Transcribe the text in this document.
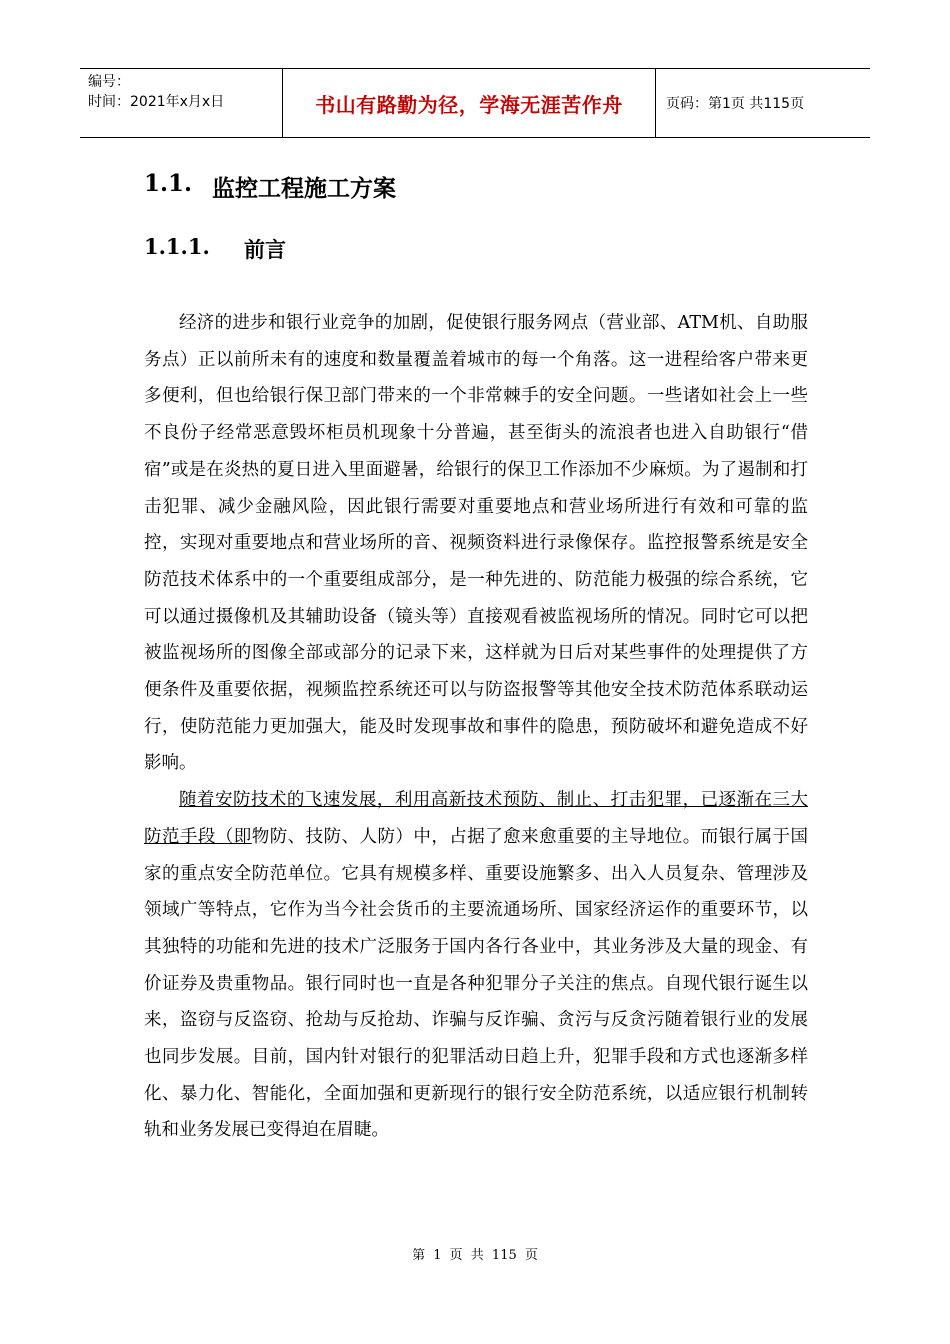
编号：
时间：2021年x月x日	书山有路勤为径，学海无涯苦作舟	页码：第1页 共115页
1.1. 监控工程施工方案
1.1.1.	前言

经济的进步和银行业竞争的加剧，促使银行服务网点（营业部、ATM机、自助服务点）正以前所未有的速度和数量覆盖着城市的每一个角落。这一进程给客户带来更多便利，但也给银行保卫部门带来的一个非常棘手的安全问题。一些诸如社会上一些不良份子经常恶意毁坏柜员机现象十分普遍，甚至街头的流浪者也进入自助银行“借宿”或是在炎热的夏日进入里面避暑，给银行的保卫工作添加不少麻烦。为了遏制和打击犯罪、减少金融风险，因此银行需要对重要地点和营业场所进行有效和可靠的监控，实现对重要地点和营业场所的音、视频资料进行录像保存。监控报警系统是安全防范技术体系中的一个重要组成部分，是一种先进的、防范能力极强的综合系统，它可以通过摄像机及其辅助设备（镜头等）直接观看被监视场所的情况。同时它可以把被监视场所的图像全部或部分的记录下来，这样就为日后对某些事件的处理提供了方便条件及重要依据，视频监控系统还可以与防盗报警等其他安全技术防范体系联动运行，使防范能力更加强大，能及时发现事故和事件的隐患，预防破坏和避免造成不好影响。

随着安防技术的飞速发展，利用高新技术预防、制止、打击犯罪，已逐渐在三大防范手段（即物防、技防、人防）中，占据了愈来愈重要的主导地位。而银行属于国家的重点安全防范单位。它具有规模多样、重要设施繁多、出入人员复杂、管理涉及领域广等特点，它作为当今社会货币的主要流通场所、国家经济运作的重要环节，以其独特的功能和先进的技术广泛服务于国内各行各业中，其业务涉及大量的现金、有价证券及贵重物品。银行同时也一直是各种犯罪分子关注的焦点。自现代银行诞生以来，盗窃与反盗窃、抢劫与反抢劫、诈骗与反诈骗、贪污与反贪污随着银行业的发展也同步发展。目前，国内针对银行的犯罪活动日趋上升，犯罪手段和方式也逐渐多样化、暴力化、智能化，全面加强和更新现行的银行安全防范系统，以适应银行机制转轨和业务发展已变得迫在眉睫。

第 1 页 共 115 页
